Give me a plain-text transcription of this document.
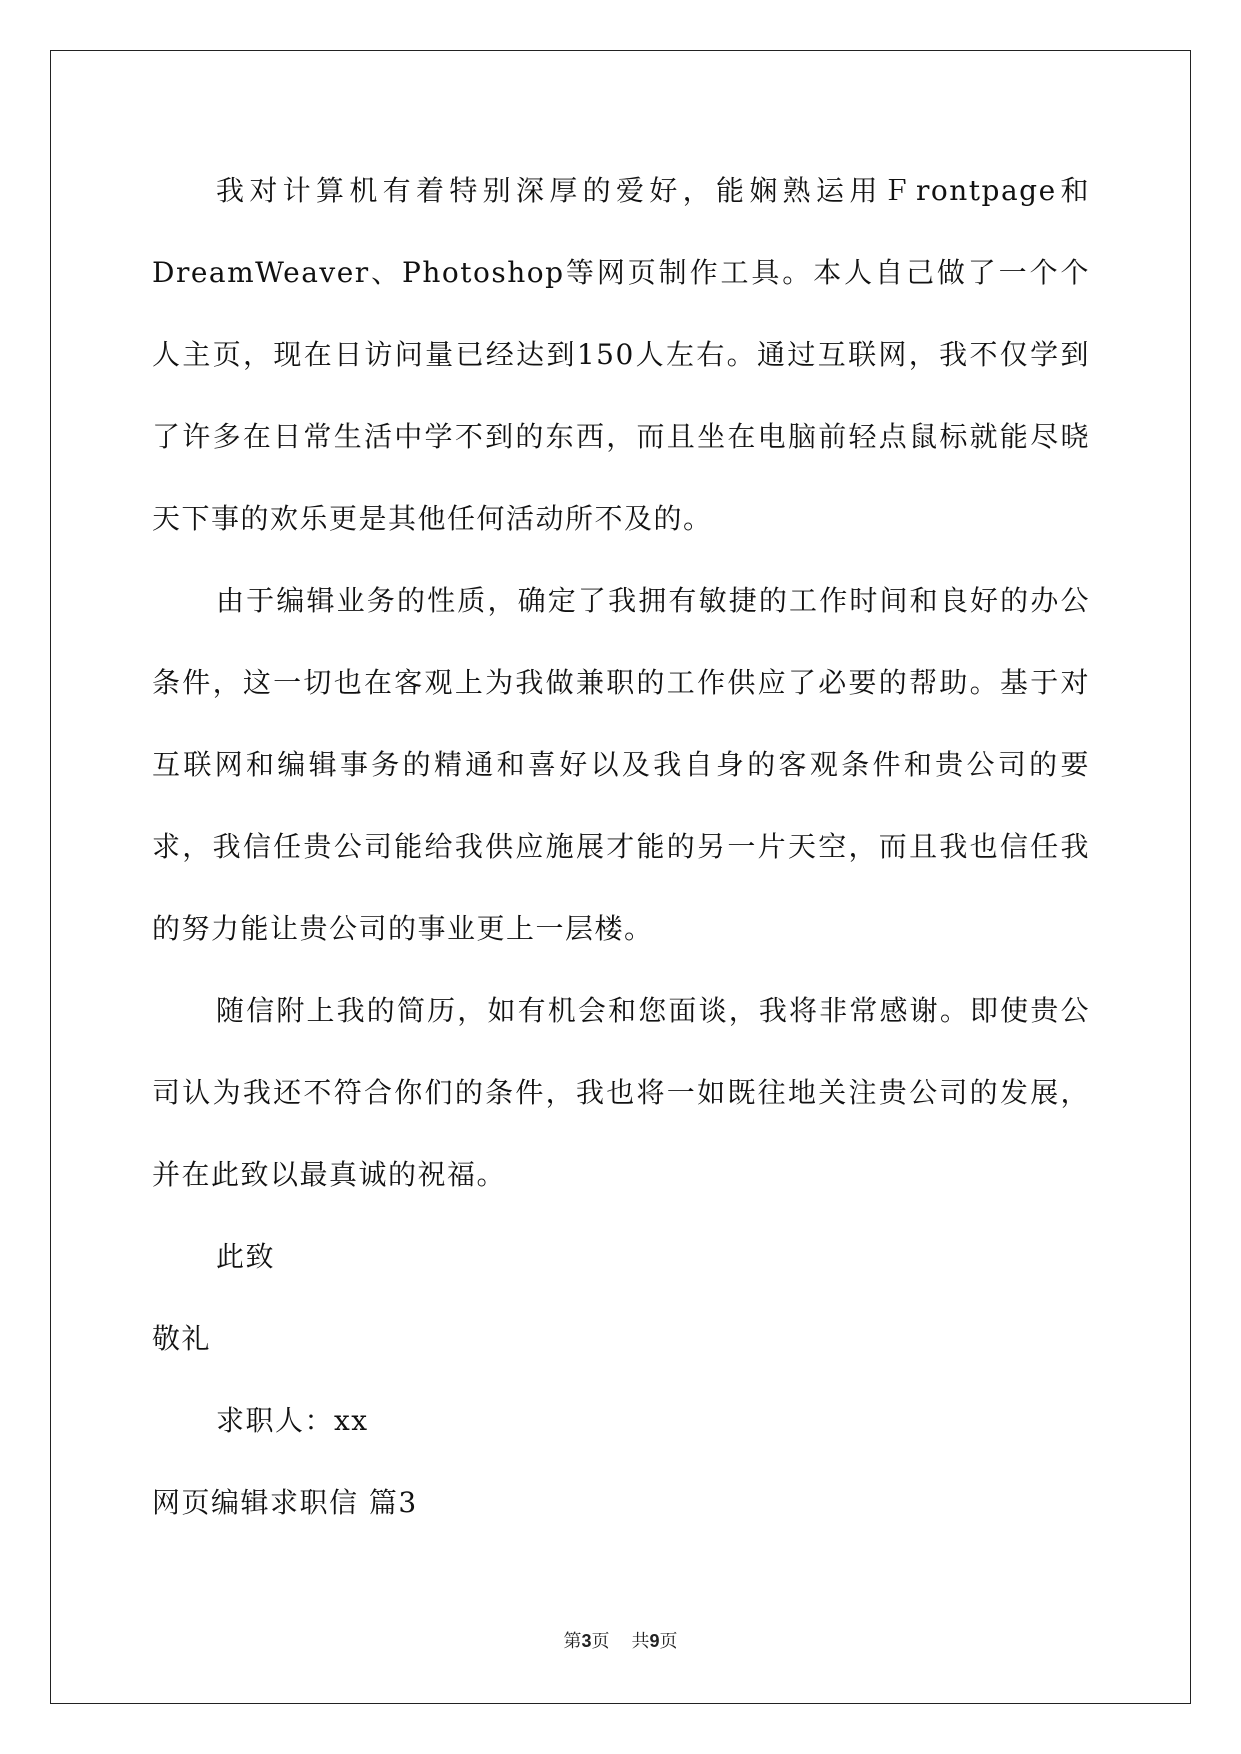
我对计算机有着特别深厚的爱好，能娴熟运用Ｆrontpage和DreamWeaver、Photoshop等网页制作工具。本人自己做了一个个人主页，现在日访问量已经达到150人左右。通过互联网，我不仅学到了许多在日常生活中学不到的东西，而且坐在电脑前轻点鼠标就能尽晓天下事的欢乐更是其他任何活动所不及的。

由于编辑业务的性质，确定了我拥有敏捷的工作时间和良好的办公条件，这一切也在客观上为我做兼职的工作供应了必要的帮助。基于对互联网和编辑事务的精通和喜好以及我自身的客观条件和贵公司的要求，我信任贵公司能给我供应施展才能的另一片天空，而且我也信任我的努力能让贵公司的事业更上一层楼。

随信附上我的简历，如有机会和您面谈，我将非常感谢。即使贵公司认为我还不符合你们的条件，我也将一如既往地关注贵公司的发展，并在此致以最真诚的祝福。

此致

敬礼

求职人：xx

网页编辑求职信 篇3

第3页 共9页
